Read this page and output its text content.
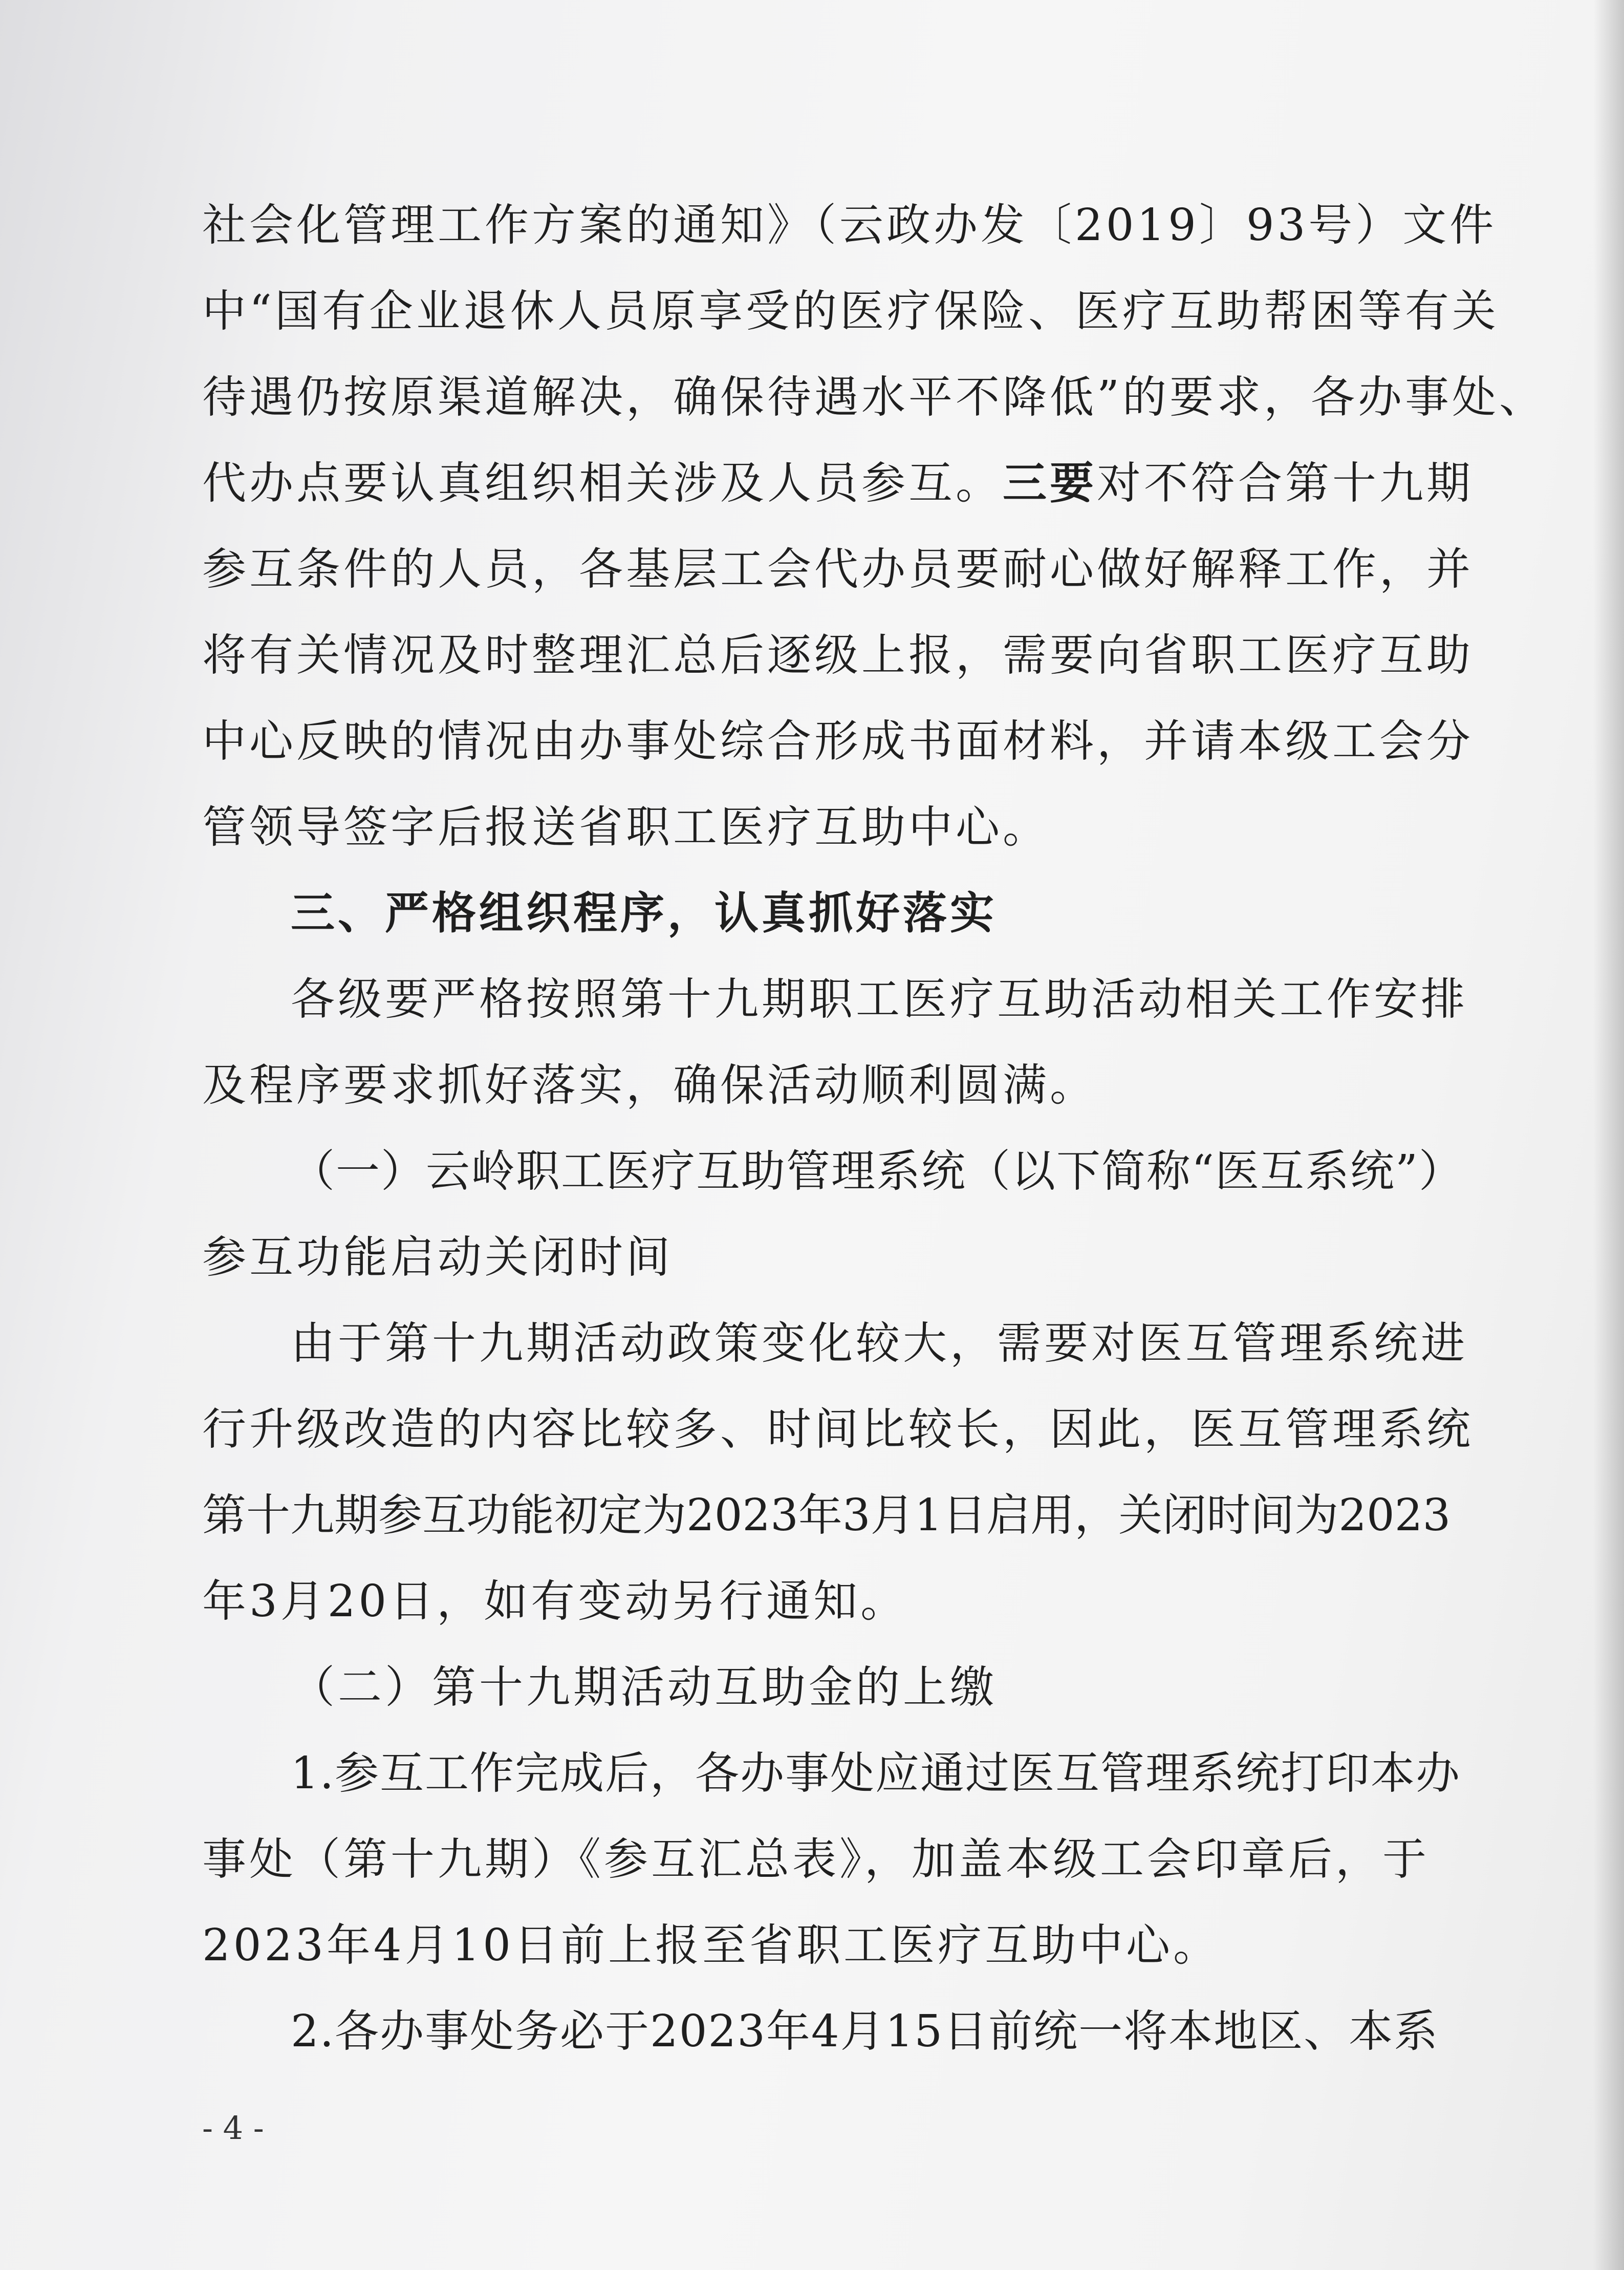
社会化管理工作方案的通知》（云政办发〔2019〕93号）文件
中“国有企业退休人员原享受的医疗保险、医疗互助帮困等有关
待遇仍按原渠道解决，确保待遇水平不降低”的要求，各办事处、
代办点要认真组织相关涉及人员参互。三要对不符合第十九期
参互条件的人员，各基层工会代办员要耐心做好解释工作，并
将有关情况及时整理汇总后逐级上报，需要向省职工医疗互助
中心反映的情况由办事处综合形成书面材料，并请本级工会分
管领导签字后报送省职工医疗互助中心。
三、严格组织程序，认真抓好落实
各级要严格按照第十九期职工医疗互助活动相关工作安排
及程序要求抓好落实，确保活动顺利圆满。
（一）云岭职工医疗互助管理系统（以下简称“医互系统”）
参互功能启动关闭时间
由于第十九期活动政策变化较大，需要对医互管理系统进
行升级改造的内容比较多、时间比较长，因此，医互管理系统
第十九期参互功能初定为2023年3月1日启用，关闭时间为2023
年3月20日，如有变动另行通知。
（二）第十九期活动互助金的上缴
1.参互工作完成后，各办事处应通过医互管理系统打印本办
事处（第十九期）《参互汇总表》，加盖本级工会印章后，于
2023年4月10日前上报至省职工医疗互助中心。
2.各办事处务必于2023年4月15日前统一将本地区、本系
- 4 -
